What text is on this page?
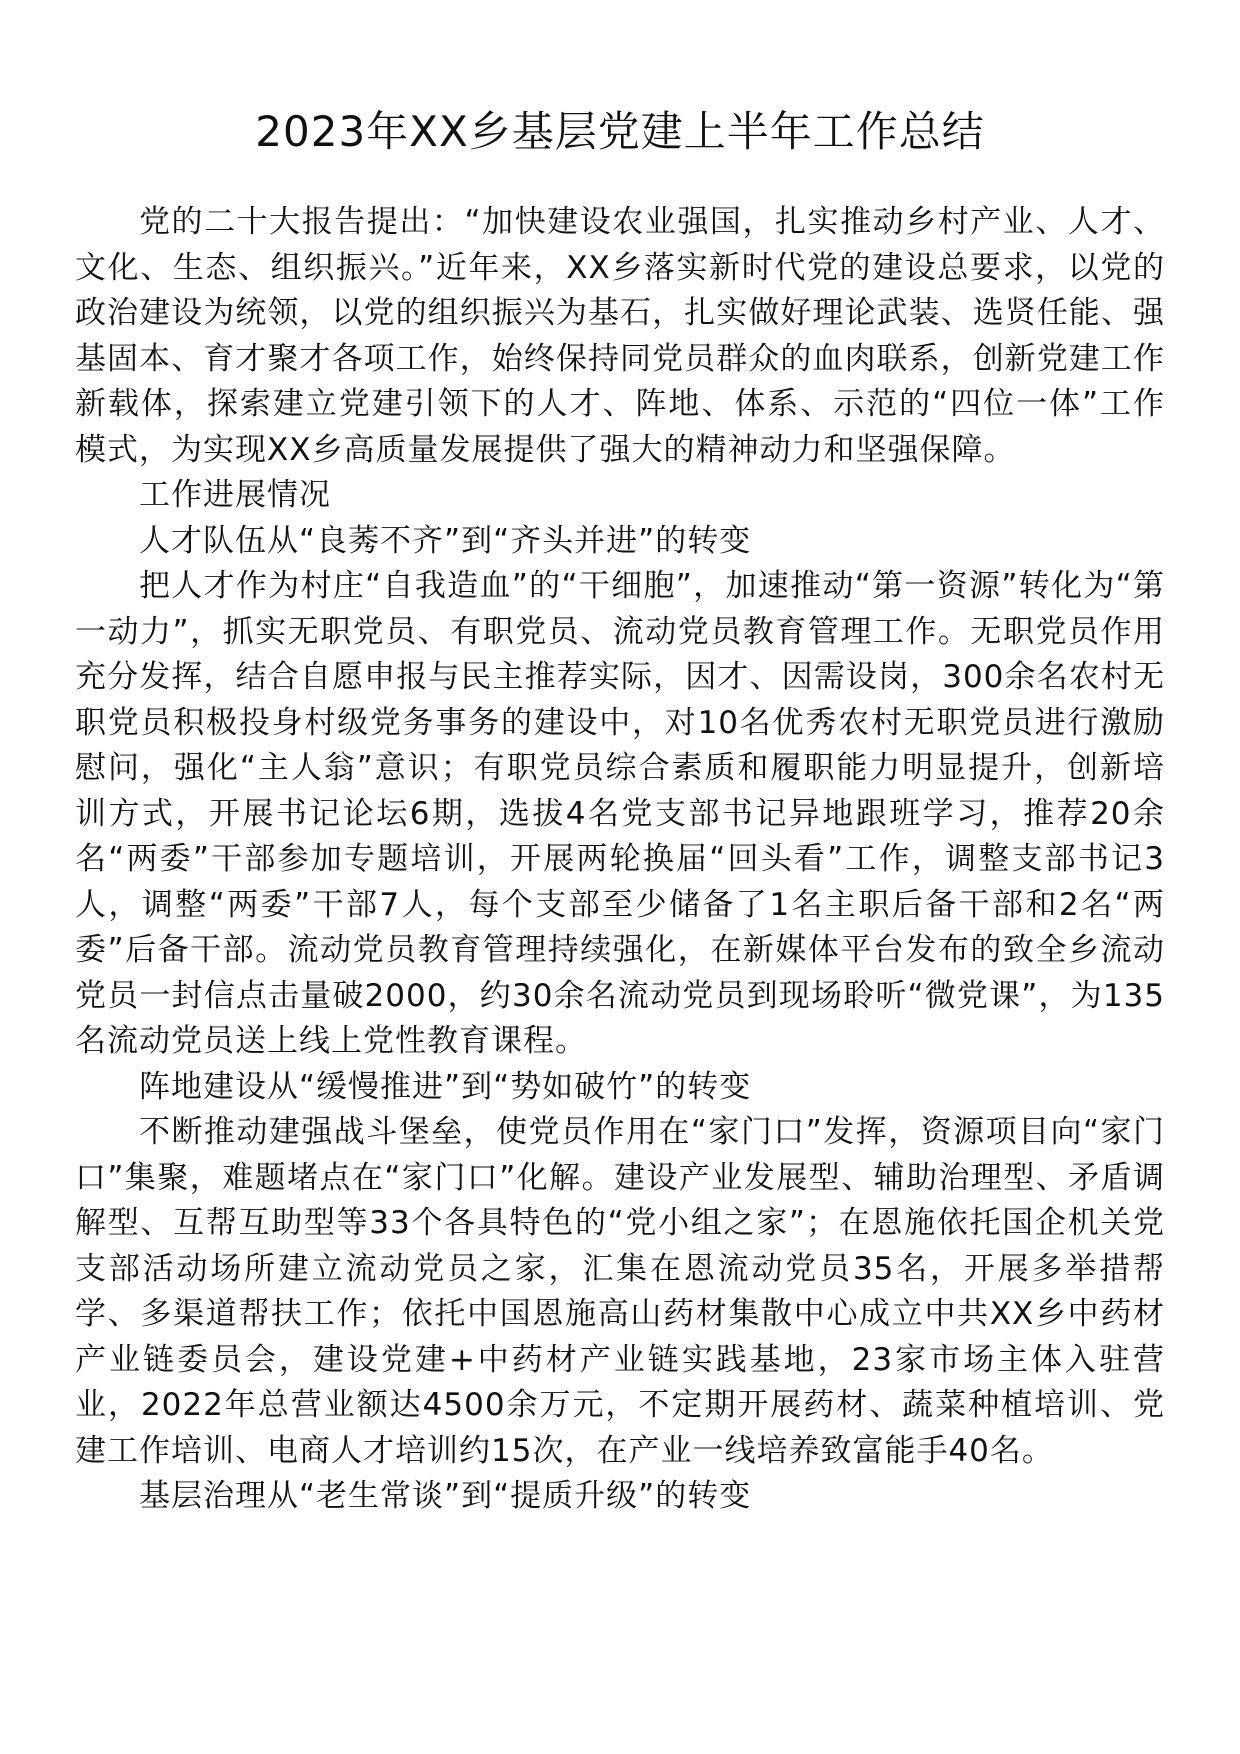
2023年XX乡基层党建上半年工作总结

党的二十大报告提出：“加快建设农业强国，扎实推动乡村产业、人才、文化、生态、组织振兴。”近年来，XX乡落实新时代党的建设总要求，以党的政治建设为统领，以党的组织振兴为基石，扎实做好理论武装、选贤任能、强基固本、育才聚才各项工作，始终保持同党员群众的血肉联系，创新党建工作新载体，探索建立党建引领下的人才、阵地、体系、示范的“四位一体”工作模式，为实现XX乡高质量发展提供了强大的精神动力和坚强保障。

工作进展情况

人才队伍从“良莠不齐”到“齐头并进”的转变

把人才作为村庄“自我造血”的“干细胞”，加速推动“第一资源”转化为“第一动力”，抓实无职党员、有职党员、流动党员教育管理工作。无职党员作用充分发挥，结合自愿申报与民主推荐实际，因才、因需设岗，300余名农村无职党员积极投身村级党务事务的建设中，对10名优秀农村无职党员进行激励慰问，强化“主人翁”意识；有职党员综合素质和履职能力明显提升，创新培训方式，开展书记论坛6期，选拔4名党支部书记异地跟班学习，推荐20余名“两委”干部参加专题培训，开展两轮换届“回头看”工作，调整支部书记3人，调整“两委”干部7人，每个支部至少储备了1名主职后备干部和2名“两委”后备干部。流动党员教育管理持续强化，在新媒体平台发布的致全乡流动党员一封信点击量破2000，约30余名流动党员到现场聆听“微党课”，为135名流动党员送上线上党性教育课程。

阵地建设从“缓慢推进”到“势如破竹”的转变

不断推动建强战斗堡垒，使党员作用在“家门口”发挥，资源项目向“家门口”集聚，难题堵点在“家门口”化解。建设产业发展型、辅助治理型、矛盾调解型、互帮互助型等33个各具特色的“党小组之家”；在恩施依托国企机关党支部活动场所建立流动党员之家，汇集在恩流动党员35名，开展多举措帮学、多渠道帮扶工作；依托中国恩施高山药材集散中心成立中共XX乡中药材产业链委员会，建设党建+中药材产业链实践基地，23家市场主体入驻营业，2022年总营业额达4500余万元，不定期开展药材、蔬菜种植培训、党建工作培训、电商人才培训约15次，在产业一线培养致富能手40名。

基层治理从“老生常谈”到“提质升级”的转变
